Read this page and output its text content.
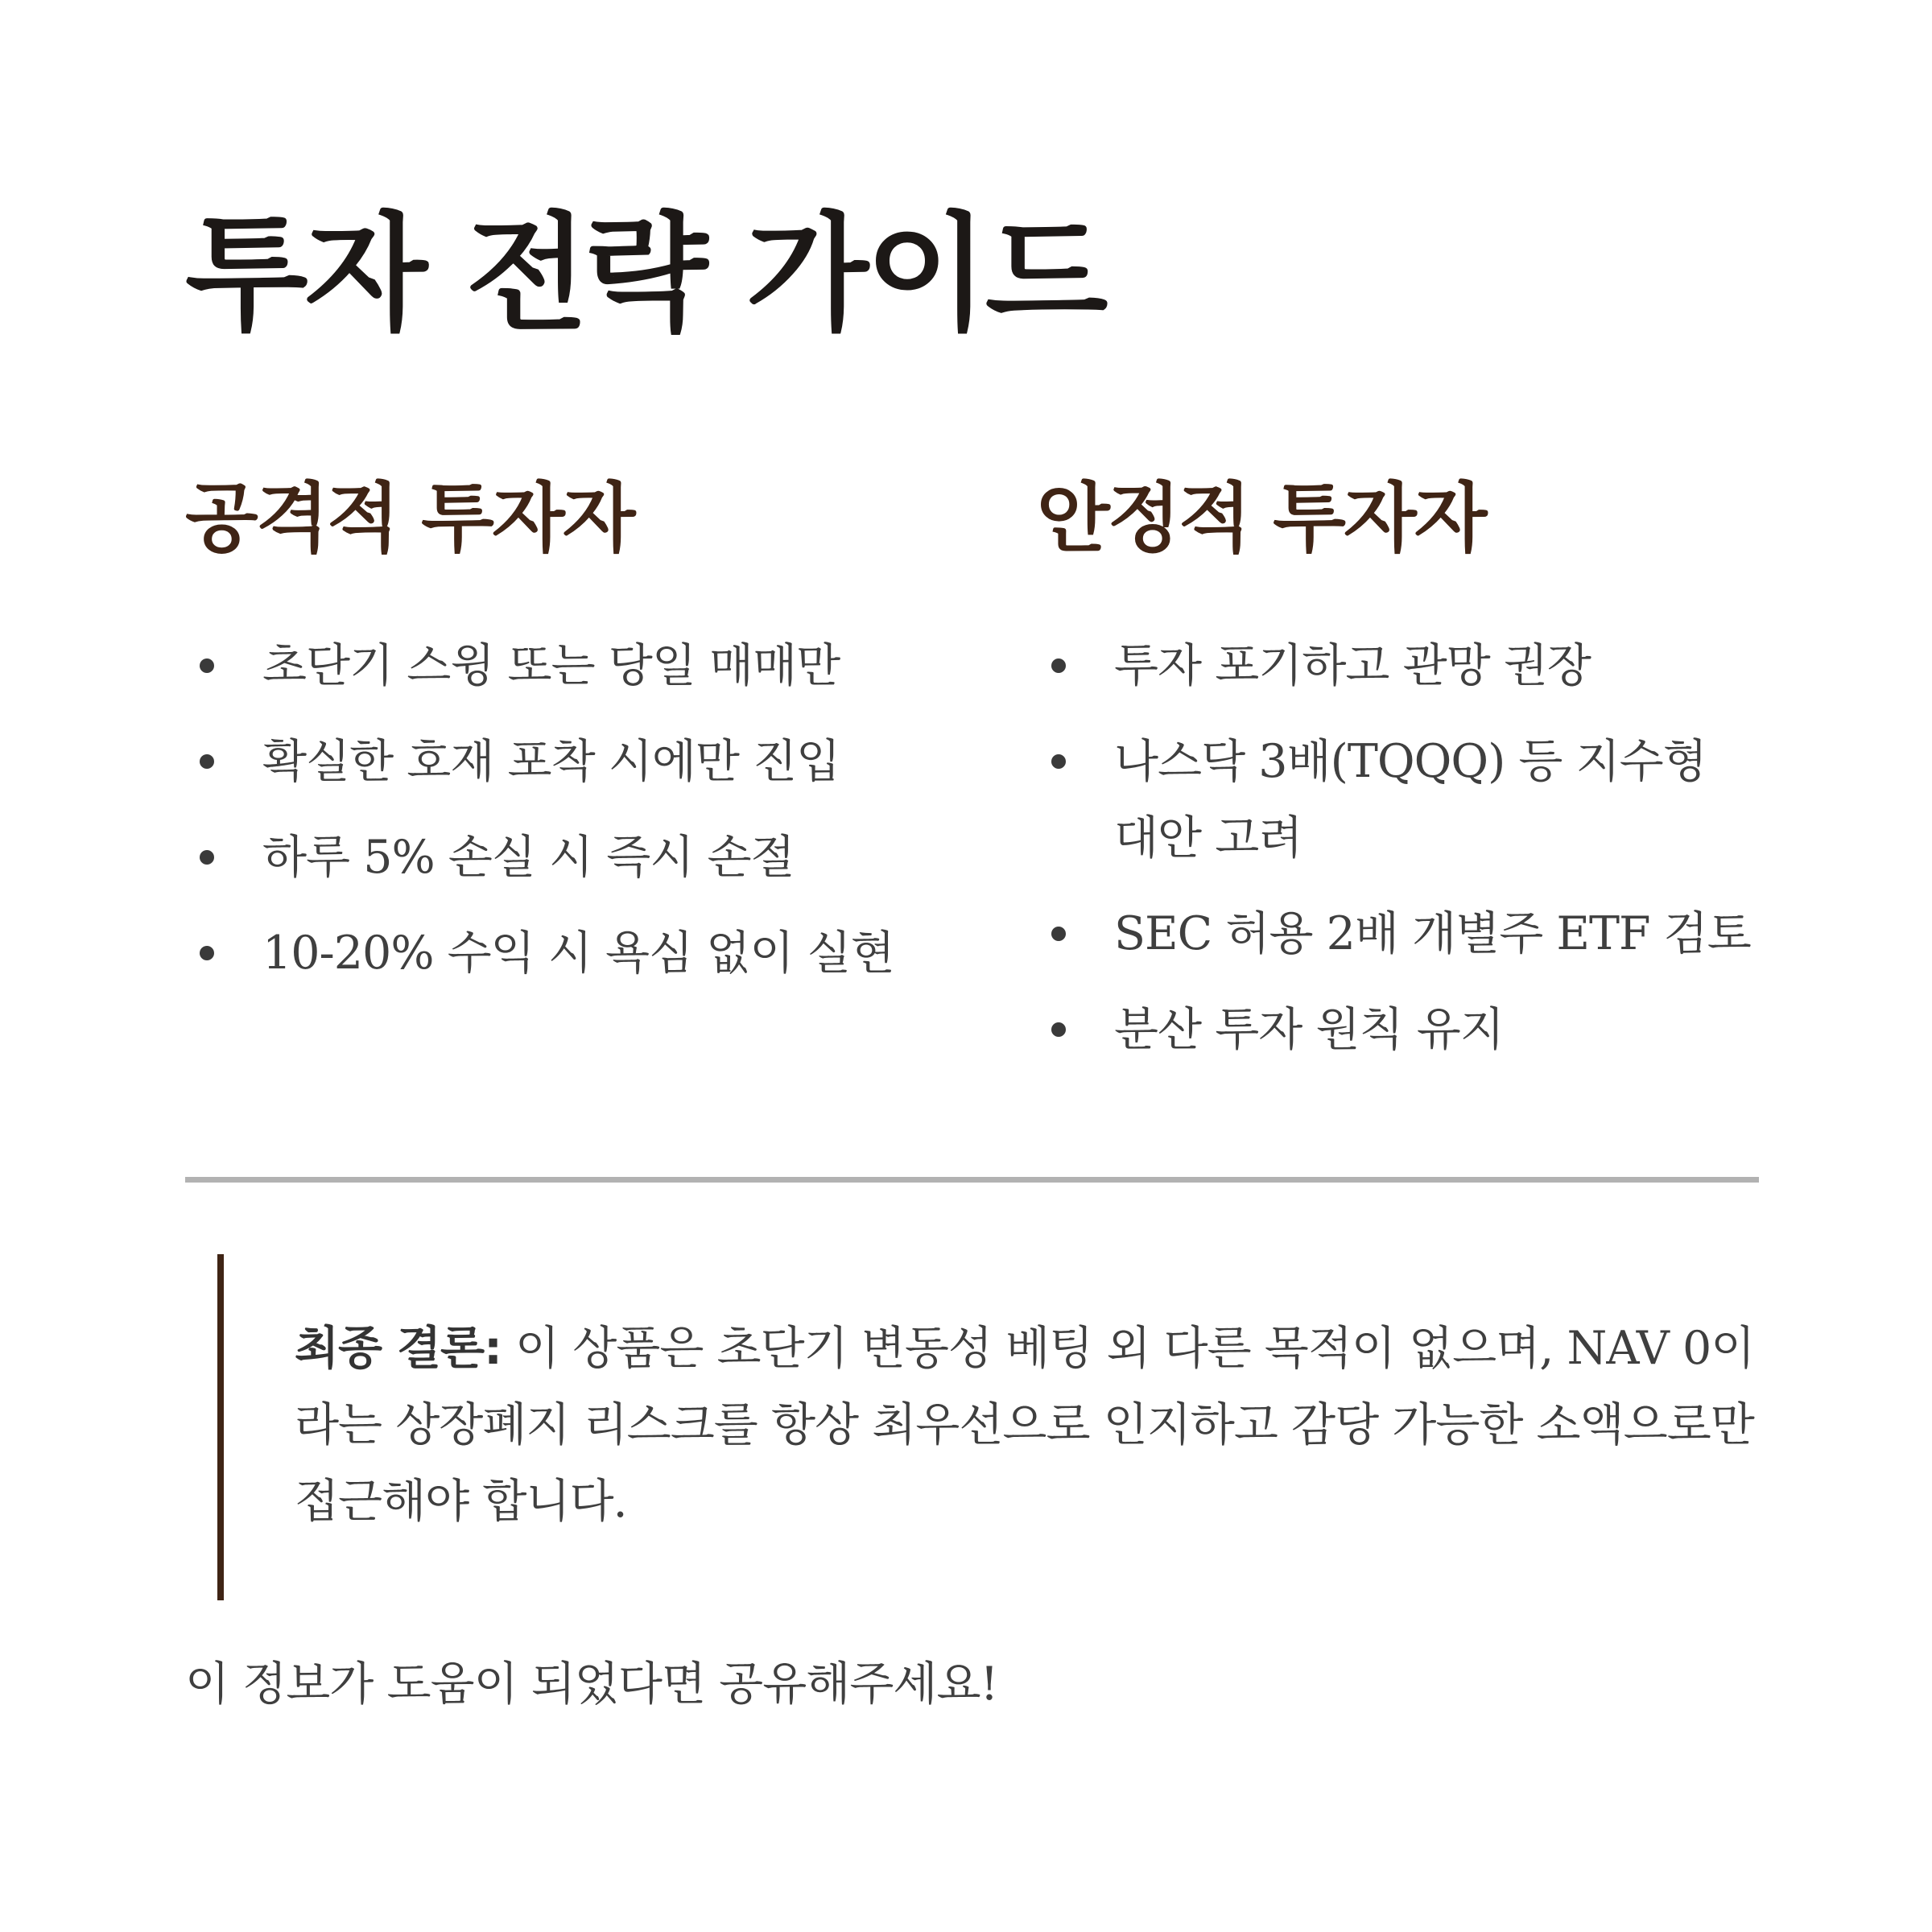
투자 전략 가이드
공격적 투자자
초단기 스윙 또는 당일 매매만
확실한 호재 포착 시에만 진입
하루 5% 손실 시 즉시 손절
10-20% 수익 시 욕심 없이 실현
안정적 투자자
투자 포기하고 관망 권장
나스닥 3배(TQQQ) 등 지수형 대안 고려
SEC 허용 2배 개별주 ETF 검토
분산 투자 원칙 유지

최종 결론: 이 상품은 초단기 변동성 베팅 외 다른 목적이 없으며, NAV 0이라는 상장폐지 리스크를 항상 최우선으로 인지하고 감당 가능한 소액으로만 접근해야 합니다.

이 정보가 도움이 되었다면 공유해주세요!
